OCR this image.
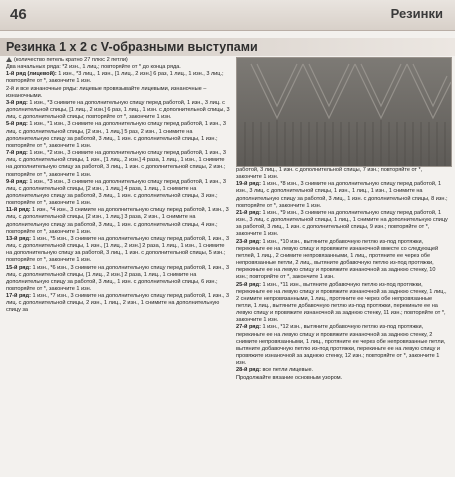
46	Резинки
Резинка 1 x 2 с V-образными выступами

(количество петель кратно 27 плюс 2 петли)

Два начальных ряда: *2 изн., 1 лиц.; повторяйте от * до конца ряда.

1-й ряд (лицевой): 1 изн., *3 лиц., 1 изн., [1 лиц., 2 изн.] 6 раз, 1 лиц., 1 изн., 3 лиц.; повторяйте от *, закончите 1 изн.

2-й и все изнаночные ряды: лицевые провязывайте лицевыми, изнаночные – изнаночными.

3-й ряд: 1 изн., *3 снимите на дополнительную спицу перед работой, 1 изн., 3 лиц. с дополнительной спицы, [1 лиц., 2 изн.] 6 раз, 1 лиц., 1 изн. с дополнительной спицы, 3 лиц. с дополнительной спицы; повторяйте от *, закончите 1 изн.

5-й ряд: 1 изн., *1 изн., 3 снимите на дополнительную спицу перед работой, 1 изн., 3 лиц. с дополнительной спицы, [2 изн., 1 лиц.] 5 раз, 2 изн., 1 снимите на дополнительную спицу за работой, 3 лиц., 1 изн. с дополнительной спицы, 1 изн.; повторяйте от *, закончите 1 изн.

7-й ряд: 1 изн., *2 изн., 3 снимите на дополнительную спицу перед работой, 1 изн., 3 лиц. с дополнительной спицы, 1 изн., [1 лиц., 2 изн.] 4 раза, 1 лиц., 1 изн., 1 снимите на дополнительную спицу за работой, 3 лиц., 1 изн. с дополнительной спицы, 2 изн.; повторяйте от *, закончите 1 изн.

9-й ряд: 1 изн., *3 изн., 3 снимите на дополнительную спицу перед работой, 1 изн., 3 лиц. с дополнительной спицы, [2 изн., 1 лиц.] 4 раза, 1 лиц., 1 снимите на дополнительную спицу за работой, 3 лиц., 1 изн. с дополнительной спицы, 3 изн.; повторяйте от *, закончите 1 изн.

11-й ряд: 1 изн., *4 изн., 3 снимите на дополнительную спицу перед работой, 1 изн., 3 лиц. с дополнительной спицы, [2 изн., 1 лиц.] 3 раза, 2 изн., 1 снимите на дополнительную спицу за работой, 3 лиц., 1 изн. с дополнительной спицы, 4 изн.; повторяйте от *, закончите 1 изн.

13-й ряд: 1 изн., *5 изн., 3 снимите на дополнительную спицу перед работой, 1 изн., 3 лиц. с дополнительной спицы, 1 изн., [1 лиц., 2 изн.] 2 раза, 1 лиц., 1 изн., 1 снимите на дополнительную спицу за работой, 3 лиц., 1 изн. с дополнительной спицы, 5 изн.; повторяйте от *, закончите 1 изн.

15-й ряд: 1 изн., *6 изн., 3 снимите на дополнительную спицу перед работой, 1 изн., 3 лиц. с дополнительной спицы, [1 лиц., 2 изн.] 2 раза, 1 лиц., 1 снимите на дополнительную спицу за работой, 3 лиц., 1 изн. с дополнительной спицы, 6 изн.; повторяйте от *, закончите 1 изн.

17-й ряд: 1 изн., *7 изн., 3 снимите на дополнительную спицу перед работой, 1 изн., 3 лиц. с дополнительной спицы, 2 изн., 1 лиц., 2 изн., 1 снимите на дополнительную спицу за

работой, 3 лиц., 1 изн. с дополнительной спицы, 7 изн.; повторяйте от *, закончите 1 изн.

19-й ряд: 1 изн., *8 изн., 3 снимите на дополнительную спицу перед работой, 1 изн., 3 лиц. с дополнительной спицы, 1 изн., 1 лиц., 1 изн., 1 снимите на дополнительную спицу за работой, 3 лиц., 1 изн. с дополнительной спицы, 8 изн.; повторяйте от *, закончите 1 изн.

21-й ряд: 1 изн., *9 изн., 3 снимите на дополнительную спицу перед работой, 1 изн., 3 лиц. с дополнительной спицы, 1 лиц., 1 снимите на дополнительную спицу за работой, 3 лиц., 1 изн. с дополнительной спицы, 9 изн.; повторяйте от *, закончите 1 изн.

23-й ряд: 1 изн., *10 изн., вытяните добавочную петлю из-под протяжки, перекиньте ее на левую спицу и провяжите изнаночной вместе со следующей петлей, 1 лиц., 2 снимите непровязанными, 1 лиц., протяните ее через обе непровязанные петли, 2 лиц., вытяните добавочную петлю из-под протяжки, перекиньте ее на левую спицу и провяжите изнаночной за заднюю стенку, 10 изн.; повторяйте от *, закончите 1 изн.

25-й ряд: 1 изн., *11 изн., вытяните добавочную петлю из-под протяжки, перекиньте ее на левую спицу и провяжите изнаночной за заднюю стенку, 1 лиц., 2 снимите непровязанными, 1 лиц., протяните ее через обе непровязанные петли, 1 лиц., вытяните добавочную петлю из-под протяжки, перекиньте ее на левую спицу и провяжите изнаночной за заднюю стенку, 11 изн.; повторяйте от *, закончите 1 изн.

27-й ряд: 1 изн., *12 изн., вытяните добавочную петлю из-под протяжки, перекиньте ее на левую спицу и провяжите изнаночной за заднюю стенку, 2 снимите непровязанными, 1 лиц., протяните ее через обе непровязанные петли, вытяните добавочную петлю из-под протяжки, перекиньте ее на левую спицу и провяжите изнаночной за заднюю стенку, 12 изн.; повторяйте от *, закончите 1 изн.

28-й ряд: все петли лицевые.

Продолжайте вязание основным узором.
